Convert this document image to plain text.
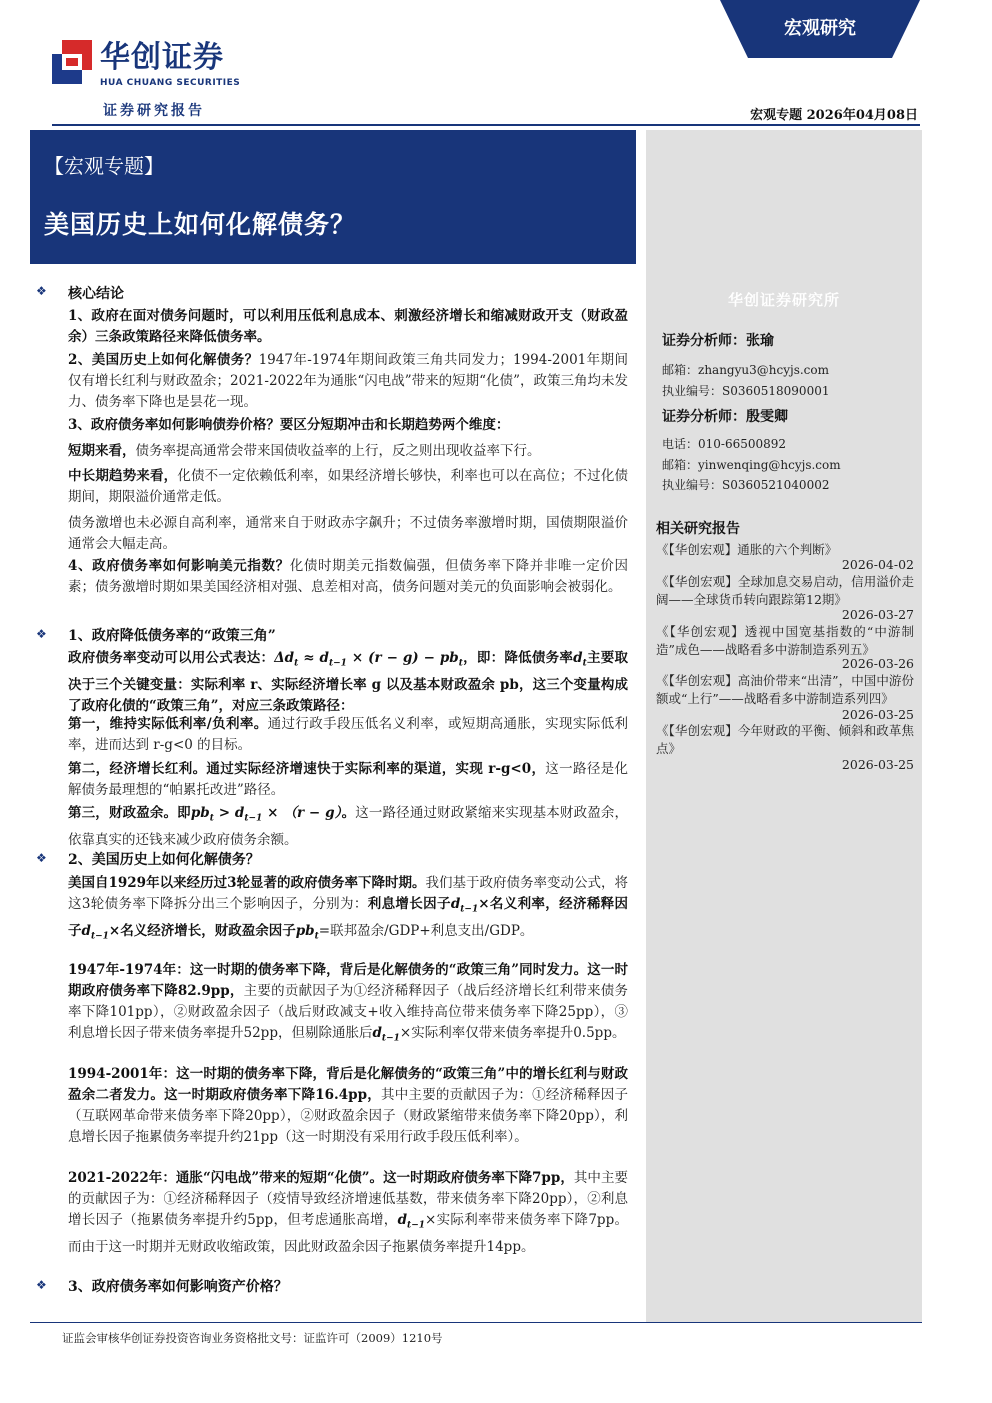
华创证券
HUA CHUANG SECURITIES
证券研究报告
宏观研究
宏观专题 2026年04月08日
【宏观专题】
美国历史上如何化解债务？
华创证券研究所
证券分析师：张瑜
邮箱：zhangyu3@hcyjs.com
执业编号：S0360518090001
证券分析师：殷雯卿
电话：010-66500892
邮箱：yinwenqing@hcyjs.com
执业编号：S0360521040002
相关研究报告
《【华创宏观】通胀的六个判断》
2026-04-02
《【华创宏观】全球加息交易启动，信用溢价走阔——全球货币转向跟踪第12期》
2026-03-27
《【华创宏观】透视中国宽基指数的“中游制造”成色——战略看多中游制造系列五》
2026-03-26
《【华创宏观】高油价带来“出清”，中国中游份额或“上行”——战略看多中游制造系列四》
2026-03-25
《【华创宏观】今年财政的平衡、倾斜和政革焦点》
2026-03-25
❖ 核心结论
1、政府在面对债务问题时，可以利用压低利息成本、刺激经济增长和缩减财政开支（财政盈余）三条政策路径来降低债务率。
2、美国历史上如何化解债务？1947年-1974年期间政策三角共同发力；1994-2001年期间仅有增长红利与财政盈余；2021-2022年为通胀“闪电战”带来的短期“化债”，政策三角均未发力、债务率下降也是昙花一现。
3、政府债务率如何影响债券价格？要区分短期冲击和长期趋势两个维度：
短期来看，债务率提高通常会带来国债收益率的上行，反之则出现收益率下行。
中长期趋势来看，化债不一定依赖低利率，如果经济增长够快，利率也可以在高位；不过化债期间，期限溢价通常走低。
债务激增也未必源自高利率，通常来自于财政赤字飙升；不过债务率激增时期，国债期限溢价通常会大幅走高。
4、政府债务率如何影响美元指数？化债时期美元指数偏强，但债务率下降并非唯一定价因素；债务激增时期如果美国经济相对强、息差相对高，债务问题对美元的负面影响会被弱化。
❖ 1、政府降低债务率的“政策三角”
政府债务率变动可以用公式表达：$\Delta d_t \approx d_{t-1} \times (r - g) - pb_t$，即：降低债务率$d_t$主要取决于三个关键变量：实际利率 r、实际经济增长率 g 以及基本财政盈余 pb，这三个变量构成了政府化债的“政策三角”，对应三条政策路径：
第一，维持实际低利率/负利率。通过行政手段压低名义利率，或短期高通胀，实现实际低利率，进而达到 r-g<0 的目标。
第二，经济增长红利。通过实际经济增速快于实际利率的渠道，实现 r-g<0，这一路径是化解债务最理想的“帕累托改进”路径。
第三，财政盈余。即$pb_t > d_{t-1} \times (r - g)$。这一路径通过财政紧缩来实现基本财政盈余，依靠真实的还钱来减少政府债务余额。
❖ 2、美国历史上如何化解债务？
美国自1929年以来经历过3轮显著的政府债务率下降时期。我们基于政府债务率变动公式，将这3轮债务率下降拆分出三个影响因子，分别为：利息增长因子$d_{t-1}\times$名义利率，经济稀释因子$d_{t-1}\times$名义经济增长，财政盈余因子$pb_t=$联邦盈余/GDP+利息支出/GDP。
1947年-1974年：这一时期的债务率下降，背后是化解债务的“政策三角”同时发力。这一时期政府债务率下降82.9pp，主要的贡献因子为①经济稀释因子（战后经济增长红利带来债务率下降101pp），②财政盈余因子（战后财政减支+收入维持高位带来债务率下降25pp），③利息增长因子带来债务率提升52pp，但剔除通胀后$d_{t-1}\times$实际利率仅带来债务率提升0.5pp。
1994-2001年：这一时期的债务率下降，背后是化解债务的“政策三角”中的增长红利与财政盈余二者发力。这一时期政府债务率下降16.4pp，其中主要的贡献因子为：①经济稀释因子（互联网革命带来债务率下降20pp），②财政盈余因子（财政紧缩带来债务率下降20pp），利息增长因子拖累债务率提升约21pp（这一时期没有采用行政手段压低利率）。
2021-2022年：通胀“闪电战”带来的短期“化债”。这一时期政府债务率下降7pp，其中主要的贡献因子为：①经济稀释因子（疫情导致经济增速低基数，带来债务率下降20pp），②利息增长因子（拖累债务率提升约5pp，但考虑通胀高增，$d_{t-1}\times$实际利率带来债务率下降7pp。而由于这一时期并无财政收缩政策，因此财政盈余因子拖累债务率提升14pp。
❖ 3、政府债务率如何影响资产价格？
证监会审核华创证券投资咨询业务资格批文号：证监许可（2009）1210号
